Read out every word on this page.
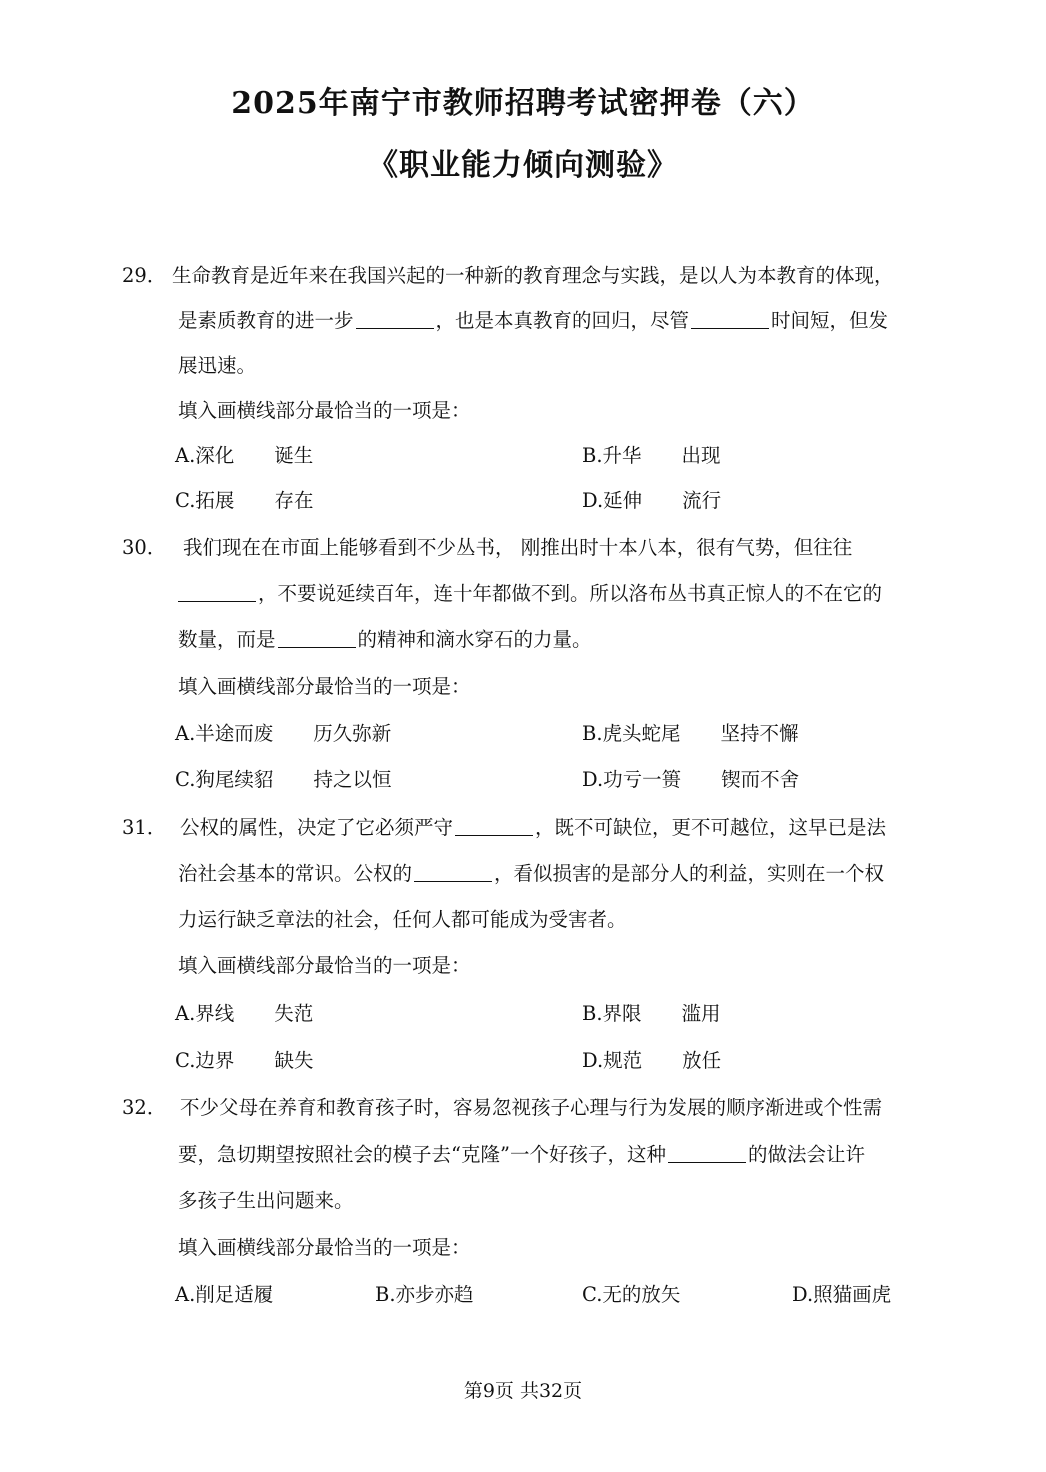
2025年南宁市教师招聘考试密押卷（六）
《职业能力倾向测验》
29． 生命教育是近年来在我国兴起的一种新的教育理念与实践，是以人为本教育的体现，
是素质教育的进一步	，也是本真教育的回归，尽管	时间短，但发
展迅速。
填入画横线部分最恰当的一项是：
A.深化 诞生	B.升华 出现
C.拓展 存在	D.延伸 流行
30． 我们现在在市面上能够看到不少丛书， 刚推出时十本八本，很有气势，但往往
，不要说延续百年，连十年都做不到。所以洛布丛书真正惊人的不在它的
数量，而是	的精神和滴水穿石的力量。
填入画横线部分最恰当的一项是：
A.半途而废 历久弥新	B.虎头蛇尾 坚持不懈
C.狗尾续貂 持之以恒	D.功亏一篑 锲而不舍
31． 公权的属性，决定了它必须严守	，既不可缺位，更不可越位，这早已是法
治社会基本的常识。公权的	，看似损害的是部分人的利益，实则在一个权
力运行缺乏章法的社会，任何人都可能成为受害者。
填入画横线部分最恰当的一项是：
A.界线 失范	B.界限 滥用
C.边界 缺失	D.规范 放任
32． 不少父母在养育和教育孩子时，容易忽视孩子心理与行为发展的顺序渐进或个性需
要，急切期望按照社会的模子去“克隆”一个好孩子，这种	的做法会让许
多孩子生出问题来。
填入画横线部分最恰当的一项是：
A.削足适履	B.亦步亦趋	C.无的放矢	D.照猫画虎
第9页 共32页
